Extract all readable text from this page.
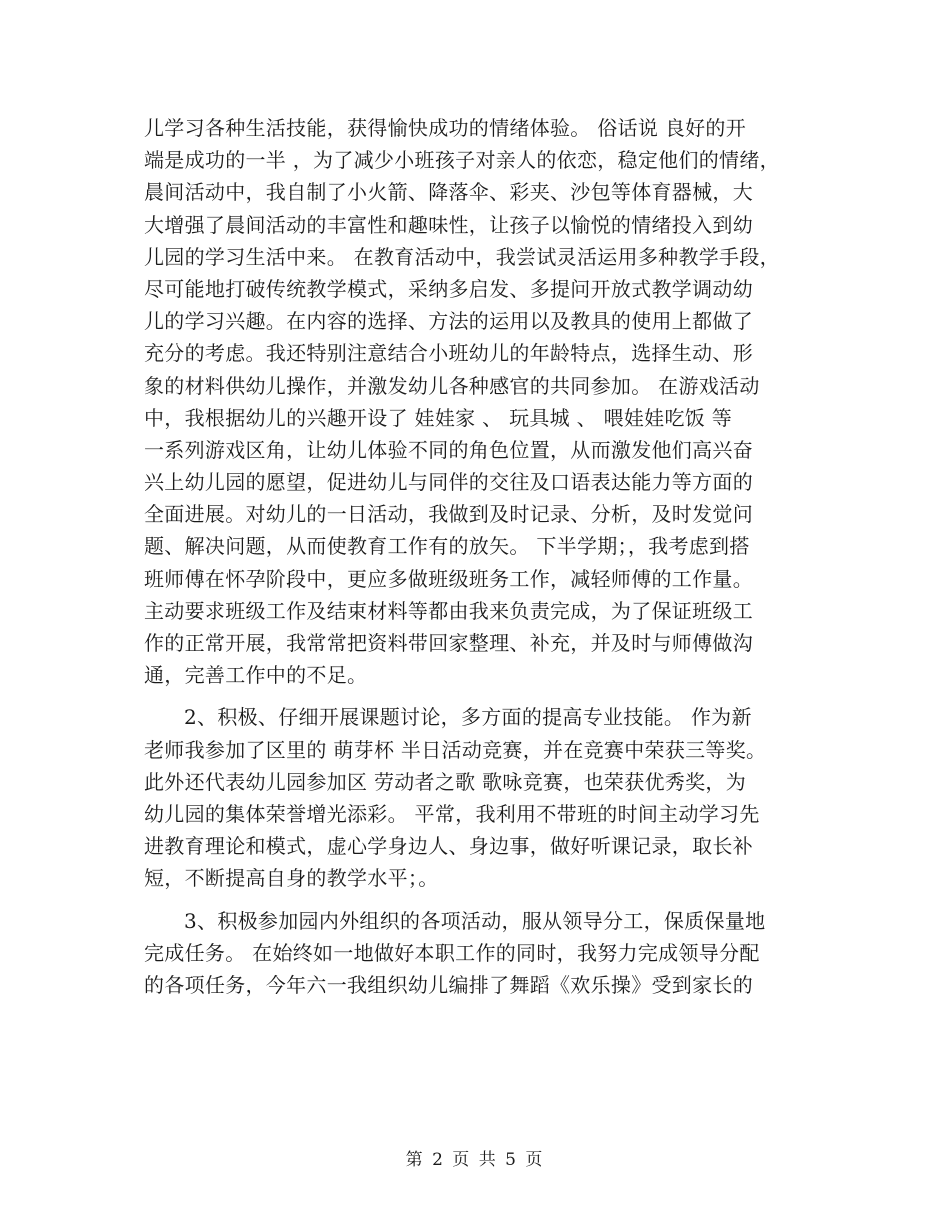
儿学习各种生活技能，获得愉快成功的情绪体验。 俗话说 良好的开
端是成功的一半 ，为了减少小班孩子对亲人的依恋，稳定他们的情绪，
晨间活动中，我自制了小火箭、降落伞、彩夹、沙包等体育器械，大
大增强了晨间活动的丰富性和趣味性，让孩子以愉悦的情绪投入到幼
儿园的学习生活中来。 在教育活动中，我尝试灵活运用多种教学手段，
尽可能地打破传统教学模式，采纳多启发、多提问开放式教学调动幼
儿的学习兴趣。在内容的选择、方法的运用以及教具的使用上都做了
充分的考虑。我还特别注意结合小班幼儿的年龄特点，选择生动、形
象的材料供幼儿操作，并激发幼儿各种感官的共同参加。 在游戏活动
中，我根据幼儿的兴趣开设了 娃娃家 、 玩具城 、 喂娃娃吃饭 等
一系列游戏区角，让幼儿体验不同的角色位置，从而激发他们高兴奋
兴上幼儿园的愿望，促进幼儿与同伴的交往及口语表达能力等方面的
全面进展。对幼儿的一日活动，我做到及时记录、分析，及时发觉问
题、解决问题，从而使教育工作有的放矢。 下半学期；，我考虑到搭
班师傅在怀孕阶段中，更应多做班级班务工作，减轻师傅的工作量。
主动要求班级工作及结束材料等都由我来负责完成，为了保证班级工
作的正常开展，我常常把资料带回家整理、补充，并及时与师傅做沟
通，完善工作中的不足。
2、积极、仔细开展课题讨论，多方面的提高专业技能。 作为新
老师我参加了区里的 萌芽杯 半日活动竞赛，并在竞赛中荣获三等奖。
此外还代表幼儿园参加区 劳动者之歌 歌咏竞赛，也荣获优秀奖，为
幼儿园的集体荣誉增光添彩。 平常，我利用不带班的时间主动学习先
进教育理论和模式，虚心学身边人、身边事，做好听课记录，取长补
短，不断提高自身的教学水平；。
3、积极参加园内外组织的各项活动，服从领导分工，保质保量地
完成任务。 在始终如一地做好本职工作的同时，我努力完成领导分配
的各项任务，今年六一我组织幼儿编排了舞蹈《欢乐操》受到家长的
第 2 页 共 5 页
